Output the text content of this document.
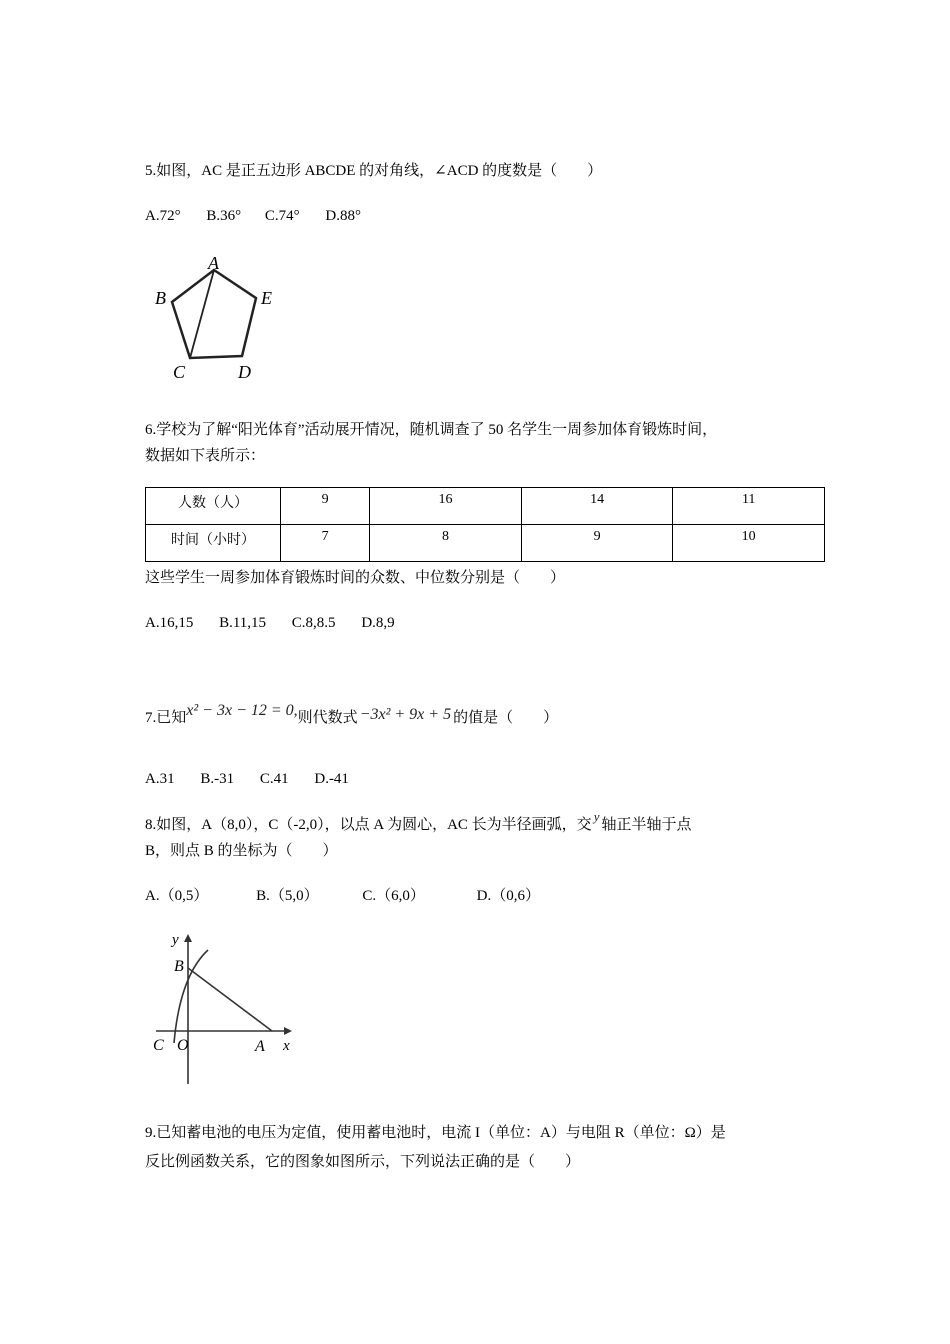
5.如图，AC 是正五边形 ABCDE 的对角线，∠ACD 的度数是（　　）
A.72° B.36° C.74° D.88°
A
B	E
C	D
6.学校为了解“阳光体育”活动展开情况，随机调查了 50 名学生一周参加体育锻炼时间，
数据如下表所示：
人数（人）	9	16	14	11
时间（小时）	7	8	9	10
这些学生一周参加体育锻炼时间的众数、中位数分别是（　　）
A.16,15 B.11,15 C.8,8.5 D.8,9
7.已知x² − 3x − 12 = 0,则代数式 −3x² + 9x + 5 的值是（　　）
A.31 B.-31 C.41 D.-41
8.如图，A（8,0），C（-2,0），以点 A 为圆心，AC 长为半径画弧，交y轴正半轴于点
B，则点 B 的坐标为（　　）
A.（0,5）	B.（5,0）	C.（6,0）	D.（0,6）
y
B
C O	A x
9.已知蓄电池的电压为定值，使用蓄电池时，电流 I（单位：A）与电阻 R（单位：Ω）是
反比例函数关系，它的图象如图所示，下列说法正确的是（　　）
